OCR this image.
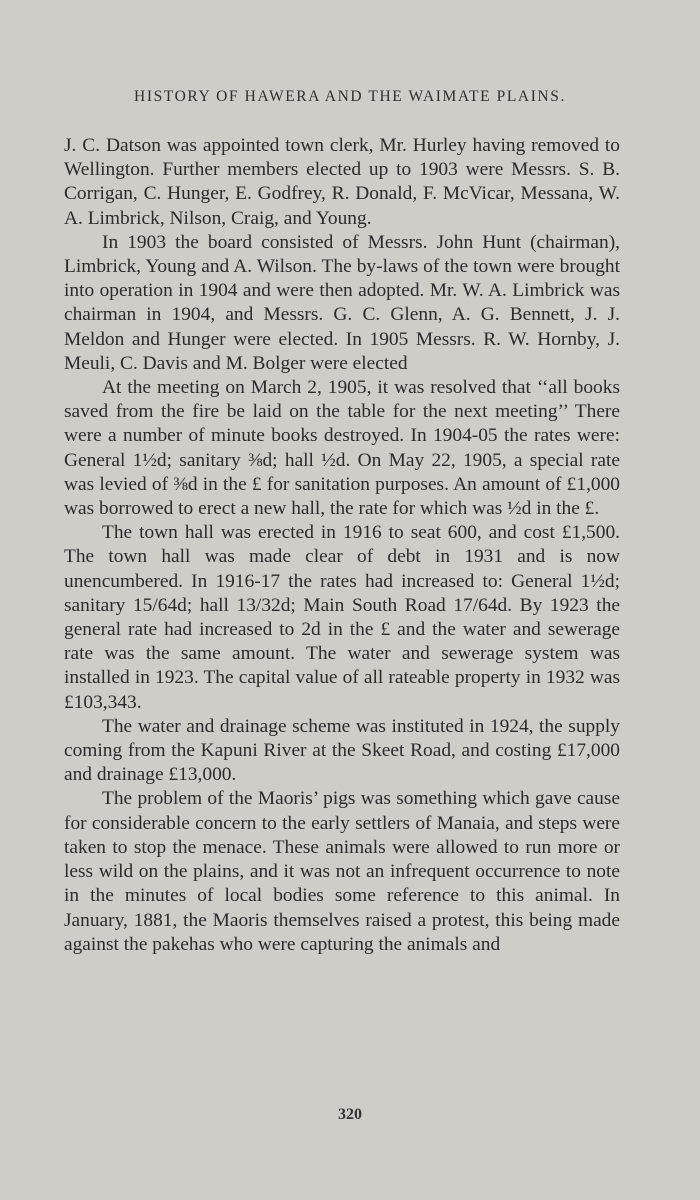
HISTORY OF HAWERA AND THE WAIMATE PLAINS.

J. C. Datson was appointed town clerk, Mr. Hurley having removed to Wellington. Further members elected up to 1903 were Messrs. S. B. Corrigan, C. Hunger, E. Godfrey, R. Donald, F. McVicar, Messana, W. A. Limbrick, Nilson, Craig, and Young.

In 1903 the board consisted of Messrs. John Hunt (chairman), Limbrick, Young and A. Wilson. The by-laws of the town were brought into operation in 1904 and were then adopted. Mr. W. A. Limbrick was chairman in 1904, and Messrs. G. C. Glenn, A. G. Bennett, J. J. Meldon and Hunger were elected. In 1905 Messrs. R. W. Hornby, J. Meuli, C. Davis and M. Bolger were elected

At the meeting on March 2, 1905, it was resolved that ‘‘all books saved from the fire be laid on the table for the next meeting’’ There were a number of minute books destroyed. In 1904-05 the rates were: General 1½d; sanitary ⅜d; hall ½d. On May 22, 1905, a special rate was levied of ⅜d in the £ for sanitation purposes. An amount of £1,000 was borrowed to erect a new hall, the rate for which was ½d in the £.

The town hall was erected in 1916 to seat 600, and cost £1,500. The town hall was made clear of debt in 1931 and is now unencumbered. In 1916-17 the rates had increased to: General 1½d; sanitary 15/64d; hall 13/32d; Main South Road 17/64d. By 1923 the general rate had increased to 2d in the £ and the water and sewerage rate was the same amount. The water and sewerage system was installed in 1923. The capital value of all rateable property in 1932 was £103,343.

The water and drainage scheme was instituted in 1924, the supply coming from the Kapuni River at the Skeet Road, and costing £17,000 and drainage £13,000.

The problem of the Maoris’ pigs was something which gave cause for considerable concern to the early settlers of Manaia, and steps were taken to stop the menace. These animals were allowed to run more or less wild on the plains, and it was not an infrequent occurrence to note in the minutes of local bodies some reference to this animal. In January, 1881, the Maoris themselves raised a protest, this being made against the pakehas who were capturing the animals and

320
